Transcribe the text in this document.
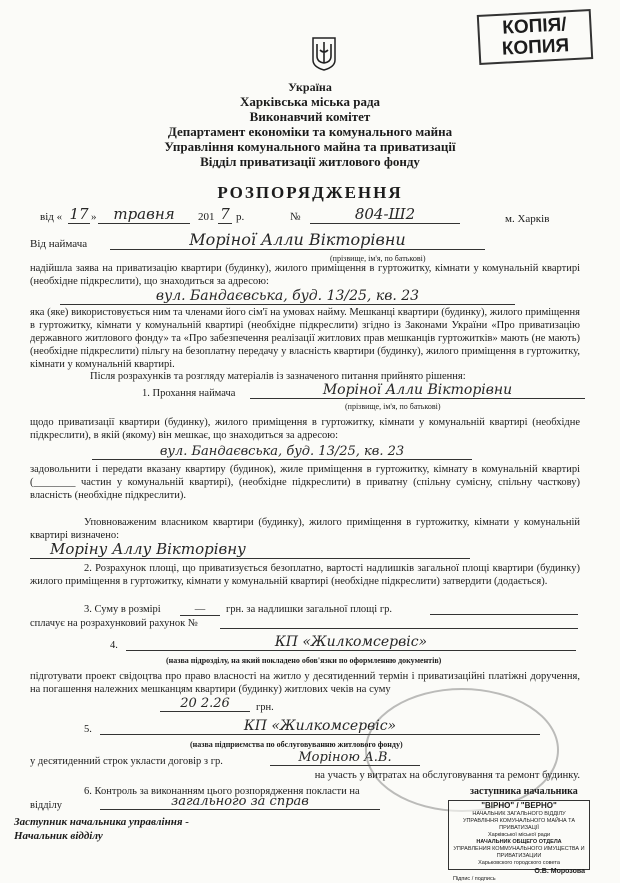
КОПІЯ/
КОПИЯ
Україна
Харківська міська рада
Виконавчий комітет
Департамент економіки та комунального майна
Управління комунального майна та приватизації
Відділ приватизації житлового фонду
РОЗПОРЯДЖЕННЯ
від « 17 »	травня	201 7 р.	№	804-Ш2	м. Харків
Від наймача	Моріної Алли Вікторівни
(прізвище, ім'я, по батькові)
надійшла заява на приватизацію квартири (будинку), жилого приміщення в гуртожитку, кімнати у комунальній квартирі (необхідне підкреслити), що знаходиться за адресою:
вул. Бандаєвська, буд. 13/25, кв. 23
яка (яке) використовується ним та членами його сім'ї на умовах найму. Мешканці квартири (будинку), жилого приміщення в гуртожитку, кімнати у комунальній квартирі (необхідне підкреслити) згідно із Законами України «Про приватизацію державного житлового фонду» та «Про забезпечення реалізації житлових прав мешканців гуртожитків» мають (не мають) (необхідне підкреслити) пільгу на безоплатну передачу у власність квартири (будинку), жилого приміщення в гуртожитку, кімнати у комунальній квартирі.
Після розрахунків та розгляду матеріалів із зазначеного питання прийнято рішення:
1. Прохання наймача	Моріної Алли Вікторівни
(прізвище, ім'я, по батькові)
щодо приватизації квартири (будинку), жилого приміщення в гуртожитку, кімнати у комунальній квартирі (необхідне підкреслити), в якій (якому) він мешкає, що знаходиться за адресою:
вул. Бандаєвська, буд. 13/25, кв. 23
задовольнити і передати вказану квартиру (будинок), жиле приміщення в гуртожитку, кімнату в комунальній квартирі (________ частин у комунальній квартирі), (необхідне підкреслити) в приватну (спільну сумісну, спільну часткову) власність (необхідне підкреслити).
Уповноваженим власником квартири (будинку), жилого приміщення в гуртожитку, кімнати у комунальній квартирі визначено:
Моріну Аллу Вікторівну
2. Розрахунок площі, що приватизується безоплатно, вартості надлишків загальної площі квартири (будинку) жилого приміщення в гуртожитку, кімнати у комунальній квартирі (необхідне підкреслити) затвердити (додається).
3. Суму в розмірі	—	грн. за надлишки загальної площі гр.
сплачує на розрахунковий рахунок №
4.	КП «Жилкомсервіс»
(назва підрозділу, на який покладено обов'язки по оформленню документів)
підготувати проект свідоцтва про право власності на житло у десятиденний термін і приватизаційні платіжні доручення, на погашення належних мешканцям квартири (будинку) житлових чеків на суму
20 2.26	грн.
5.	КП «Жилкомсервіс»
(назва підприємства по обслуговуванню житлового фонду)
у десятиденний строк укласти договір з гр.	Моріною А.В.
на участь у витратах на обслуговування та ремонт будинку.
6. Контроль за виконанням цього розпорядження покласти на
відділу	загального за справ
Заступник начальника управління -
Начальник відділу
заступника начальника
"ВІРНО" / "ВЕРНО"
НАЧАЛЬНИК ЗАГАЛЬНОГО ВІДДІЛУ
УПРАВЛІННЯ КОМУНАЛЬНОГО МАЙНА ТА ПРИВАТИЗАЦІЇ
Харківської міської ради
НАЧАЛЬНИК ОБЩЕГО ОТДЕЛА
УПРАВЛЕНИЯ КОММУНАЛЬНОГО ИМУЩЕСТВА И ПРИВАТИЗАЦИИ
Харьковского городского совета
О.В. Морозова
Підпис / подпись
